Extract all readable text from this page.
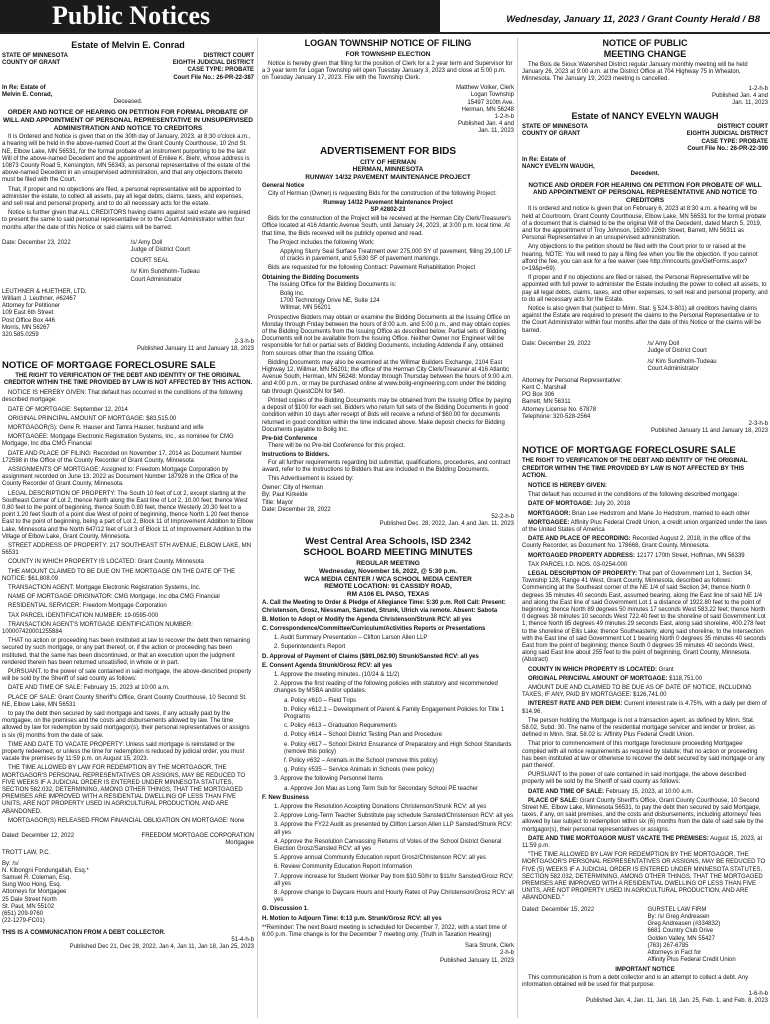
Public Notices	Wednesday, January 11, 2023 / Grant County Herald / B8
Estate of Melvin E. Conrad
STATE OF MINNESOTA
COUNTY OF GRANT
DISTRICT COURT
EIGHTH JUDICIAL DISTRICT
CASE TYPE: PROBATE
Court File No.: 26-PR-22-387
In Re: Estate of
Melvin E. Conrad,
Deceased.
ORDER AND NOTICE OF HEARING ON PETITION FOR FORMAL PROBATE OF WILL AND APPOINTMENT OF PERSONAL REPRESENTATIVE IN UNSUPERVISED ADMINISTRATION AND NOTICE TO CREDITORS

It is Ordered and Notice is given that on the 30th day of January, 2023, at 8:30 o'clock a.m., a hearing will be held in the above-named Court at the Grant County Courthouse, 10 2nd St. NE, Elbow Lake, MN 56531, for the formal probate of an instrument purporting to be the last Will of the above-named Decedent and the appointment of Emilee K. Biehr, whose address is 10873 County Road 5, Kensington, MN 56343, as personal representative of the estate of the above-named Decedent in an unsupervised administration, and that any objections thereto must be filed with the Court.

That, if proper and no objections are filed, a personal representative will be appointed to administer the estate, to collect all assets, pay all legal debts, claims, taxes, and expenses, and sell real and personal property, and to do all necessary acts for the estate.

Notice is further given that ALL CREDITORS having claims against said estate are required to present the same to said personal representative or to the Court Administrator within four months after the date of this Notice or said claims will be barred.

Date: December 23, 2022	/s/ Amy Doll
Judge of District Court
COURT SEAL
/s/ Kim Sundholm-Tudeau
Court Administrator
LEUTHNER & HUETHER, LTD.
William J. Leuthner, #62467
Attorney for Petitioner
109 East 6th Street
Post Office Box 446
Morris, MN 56267
320.585.0259
2-3-h-b
Published January 11 and January 18, 2023
NOTICE OF MORTGAGE FORECLOSURE SALE
THE RIGHT TO VERIFICATION OF THE DEBT AND IDENTITY OF THE ORIGINAL CREDITOR WITHIN THE TIME PROVIDED BY LAW IS NOT AFFECTED BY THIS ACTION.

NOTICE IS HEREBY GIVEN: That default has occurred in the conditions of the following described mortgage:

DATE OF MORTGAGE: September 12, 2014

ORIGINAL PRINCIPAL AMOUNT OF MORTGAGE: $83,515.00

MORTGAGOR(S): Gene R. Hauser and Tamra Hauser, husband and wife

MORTGAGEE: Mortgage Electronic Registration Systems, Inc., as nominee for CMG Mortgage, Inc dba CMG Financial

DATE AND PLACE OF FILING: Recorded on November 17, 2014 as Document Number 172598 in the Office of the County Recorder of Grant County, Minnesota

ASSIGNMENTS OF MORTGAGE: Assigned to: Freedom Mortgage Corporation by assignment recorded on June 13, 2022 as Document Number 187926 in the Office of the County Recorder of Grant County, Minnesota.

LEGAL DESCRIPTION OF PROPERTY: The South 10 feet of Lot 2, except starting at the Southeast Corner of Lot 2, thence North along the East line of Lot 2, 10.00 feet; thence West 0.80 feet to the point of beginning, thence South 0.80 feet, thence Westerly 20.30 feet to a point 1.20 feet South of a point due West of point of beginning, thence North 1.20 feet thence East to the point of beginning, being a part of Lot 2, Block 11 of Improvement Addition to Elbow Lake, Minnesota and the North 647/12 feet of Lot 3 of Block 11 of Improvement Addition to the Village of Elbow Lake, Grant County, Minnesota.

STREET ADDRESS OF PROPERTY: 217 SOUTHEAST 5TH AVENUE, ELBOW LAKE, MN 56531

COUNTY IN WHICH PROPERTY IS LOCATED: Grant County, Minnesota

THE AMOUNT CLAIMED TO BE DUE ON THE MORTGAGE ON THE DATE OF THE NOTICE: $61,808.09

TRANSACTION AGENT: Mortgage Electronic Registration Systems, Inc.

NAME OF MORTGAGE ORIGINATOR: CMG Mortgage, Inc dba CMG Financial

RESIDENTIAL SERVICER: Freedom Mortgage Corporation

TAX PARCEL IDENTIFICATION NUMBER: 19-0595-000

TRANSACTION AGENT'S MORTGAGE IDENTIFICATION NUMBER: 100007420001255884

THAT no action or proceeding has been instituted at law to recover the debt then remaining secured by such mortgage, or any part thereof, or, if the action or proceeding has been instituted, that the same has been discontinued, or that an execution upon the judgment rendered therein has been returned unsatisfied, in whole or in part.

PURSUANT, to the power of sale contained in said mortgage, the above-described property will be sold by the Sheriff of said county as follows:

DATE AND TIME OF SALE: February 15, 2023 at 10:00 a.m.

PLACE OF SALE: Grant County Sheriff's Office, Grant County Courthouse, 10 Second St. NE, Elbow Lake, MN 56531

to pay the debt then secured by said mortgage and taxes, if any actually paid by the mortgagee, on the premises and the costs and disbursements allowed by law. The time allowed by law for redemption by said mortgagor(s), their personal representatives or assigns is six (6) months from the date of sale.

TIME AND DATE TO VACATE PROPERTY: Unless said mortgage is reinstated or the property redeemed, or unless the time for redemption is reduced by judicial order, you must vacate the premises by 11:59 p.m. on August 15, 2023.

THE TIME ALLOWED BY LAW FOR REDEMPTION BY THE MORTGAGOR, THE MORTGAGOR'S PERSONAL REPRESENTATIVES OR ASSIGNS, MAY BE REDUCED TO FIVE WEEKS IF A JUDICIAL ORDER IS ENTERED UNDER MINNESOTA STATUTES, SECTION 582.032, DETERMINING, AMONG OTHER THINGS, THAT THE MORTGAGED PREMISES ARE IMPROVED WITH A RESIDENTIAL DWELLING OF LESS THAN FIVE UNITS, ARE NOT PROPERTY USED IN AGRICULTURAL PRODUCTION, AND ARE ABANDONED.

MORTGAGOR(S) RELEASED FROM FINANCIAL OBLIGATION ON MORTGAGE: None

Dated: December 12, 2022	FREEDOM MORTGAGE CORPORATION
Mortgagee
TROTT LAW, P.C.
By: /s/
N. Kibongni Fondungallah, Esq.*
Samuel R. Coleman, Esq.
Sung Woo Hong, Esq.
Attorneys for Mortgagee
25 Dale Street North
St. Paul, MN 55102
(651) 209-9760
(22-1279-FC01)
THIS IS A COMMUNICATION FROM A DEBT COLLECTOR.
51-4-h-b
Published Dec 21, Dec 28, 2022, Jan 4, Jan 11, Jan 18, Jan 25, 2023
LOGAN TOWNSHIP NOTICE OF FILING
FOR TOWNSHIP ELECTION

Notice is hereby given that filing for the position of Clerk for a 2 year term and Supervisor for a 3 year term for Logan Township will open Tuesday January 3, 2023 and close at 5:00 p.m. on Tuesday January 17, 2023. File with the Township Clerk.

Matthew Volker, Clerk
Logan Township
15497 310th Ave.
Herman, MN 56248
1-2-h-b
Published Jan. 4 and
Jan. 11, 2023
ADVERTISEMENT FOR BIDS
CITY OF HERMAN
HERMAN, MINNESOTA
RUNWAY 14/32 PAVEMENT MAINTENANCE PROJECT
General Notice

City of Herman (Owner) is requesting Bids for the construction of the following Project:

Runway 14/32 Pavement Maintenance Project
SP #2802-23

Bids for the construction of the Project will be received at the Herman City Clerk/Treasurer's Office located at 416 Atlantic Avenue South, until January 24, 2023, at 3:00 p.m. local time. At that time, the Bids received will be publicly opened and read.

The Project includes the following Work:

Applying Slurry Seal Surface Treatment over 275,000 SY of pavement, filling 29,100 LF of cracks in pavement, and 5,630 SF of pavement markings.

Bids are requested for the following Contract: Pavement Rehabilitation Project

Obtaining the Bidding Documents

The Issuing Office for the Bidding Documents is:

Bolig Inc.
1700 Technology Drive NE, Suite 124
Willmar, MN 56201

Prospective Bidders may obtain or examine the Bidding Documents at the Issuing Office on Monday through Friday between the hours of 8:00 a.m. and 5:00 p.m., and may obtain copies of the Bidding Documents from the Issuing Office as described below. Partial sets of Bidding Documents will not be available from the Issuing Office. Neither Owner nor Engineer will be responsible for full or partial sets of Bidding Documents, including Addenda if any, obtained from sources other than the Issuing Office.

Bidding Documents may also be examined at the Willmar Builders Exchange, 2104 East Highway 12, Willmar, MN 56201; the office of the Herman City Clerk/Treasurer at 416 Atlantic Avenue South, Herman, MN 56248; Monday through Thursday between the hours of 9:00 a.m. and 4:00 p.m., or may be purchased online at www.bolig-engineering.com under the bidding tab through QuestCDN for $40.

Printed copies of the Bidding Documents may be obtained from the Issuing Office by paying a deposit of $100 for each set. Bidders who return full sets of the Bidding Documents in good condition within 10 days after receipt of Bids will receive a refund of $60.00 for documents returned in good condition within the time indicated above. Make deposit checks for Bidding Documents payable to Bolig Inc.

Pre-bid Conference

There will be no Pre-bid Conference for this project.

Instructions to Bidders.

For all further requirements regarding bid submittal, qualifications, procedures, and contract award, refer to the Instructions to Bidders that are included in the Bidding Documents.

This Advertisement is issued by:

Owner: City of Herman
By: Paul Kirkeide
Title: Mayor
Date: December 28, 2022
52-2-h-b
Published Dec. 28, 2022, Jan. 4 and Jan. 11, 2023
West Central Area Schools, ISD 2342
SCHOOL BOARD MEETING MINUTES
REGULAR MEETING
Wednesday, November 16, 2022, @ 5:30 p.m.
WCA MEDIA CENTER / WCA SCHOOL MEDIA CENTER
REMOTE LOCATION: 91 CASSIDY ROAD,
RM A106 EL PASO, TEXAS

A. Call the Meeting to Order & Pledge of Allegiance Time: 5:30 p.m. Roll Call: Present: Christenson, Grosz, Niessman, Sansted, Strunk, Ulrich via remote. Absent: Sabota

B. Motion to Adopt or Modify the Agenda Christenson/Strunk RCV: all yes

C. Correspondence/Committee/Curriculum/Activities Reports or Presentations

1. Audit Summary Presentation – Clifton Larson Allen LLP

2. Superintendent's Report

D. Approval of Payment of Claims ($891,062.90) Strunk/Sansted RCV: all yes

E. Consent Agenda Strunk/Grosz RCV: all yes

1. Approve the meeting minutes. (10/24 & 11/2)

2. Approve the first reading of the following policies with statutory and recommended changes by MSBA and/or updates.

a. Policy #610 – Field Trips

b. Policy #612.1 – Development of Parent & Family Engagement Policies for Title 1 Programs

c. Policy #613 – Graduation Requirements

d. Policy #614 – School District Testing Plan and Procedure

e. Policy #617 – School District Ensurance of Preparatory and High School Standards (remove this policy)

f. Policy #632 – Animals in the School (remove this policy)

g. Policy #535 – Service Animals in Schools (new policy)

3. Approve the following Personnel Items

a. Approve Jon Mau as Long Term Sub for Secondary School PE teacher

F. New Business

1. Approve the Resolution Accepting Donations Christenson/Strunk RCV: all yes

2. Approve Long-Term Teacher Substitute pay schedule Sansted/Christenson RCV: all yes

3. Approve the FY22 Audit as presented by Clifton Larson Allen LLP Sansted/Strunk RCV: all yes

4. Approve the Resolution Canvassing Returns of Votes of the School District General Election Grosz/Sansted RCV: all yes

5. Approve annual Community Education report Grosz/Christenson RCV: all yes

6. Review Community Education Report Information

7. Approve increase for Student Worker Pay from $10.50/hr to $11/hr Sansted/Grosz RCV: all yes

8. Approve change to Daycare Hours and Hourly Rates of Pay Christenson/Grosz RCV: all yes

G. Discussion 1.

H. Motion to Adjourn Time: 6:13 p.m. Strunk/Grosz RCV: all yes

**Reminder: The next Board meeting is scheduled for December 7, 2022, with a start time of 6:00 p.m. Time change is for the December 7 meeting only. (Truth in Taxation Hearing)

Sara Strunk, Clerk
2-h-b
Published January 11, 2023
NOTICE OF PUBLIC
MEETING CHANGE

The Bois de Sioux Watershed District regular January monthly meeting will be held January 26, 2023 at 9:00 a.m. at the District Office at 704 Highway 75 in Wheaton, Minnesota. The January 19, 2023 meeting is cancelled.

1-2-h-b
Published Jan. 4 and
Jan. 11, 2023
Estate of NANCY EVELYN WAUGH
STATE OF MINNESOTA
COUNTY OF GRANT
DISTRICT COURT
EIGHTH JUDICIAL DISTRICT
CASE TYPE: PROBATE
Court File No.: 26-PR-22-390
In Re: Estate of
NANCY EVELYN WAUGH,
Decedent.
NOTICE AND ORDER FOR HEARING ON PETITION FOR PROBATE OF WILL AND APPOINTMENT OF PERSONAL REPRESENTATIVE AND NOTICE TO CREDITORS

It is ordered and notice is given that on February 6, 2023 at 8:30 a.m. a hearing will be held at Courtroom, Grant County Courthouse, Elbow Lake, MN 56531 for the formal probate of a document that is claimed to be the original Will of the Decedent, dated March 5, 2019, and for the appointment of Troy Johnson, 16300 226th Street, Barrett, MN 56311 as Personal Representative in an unsupervised administration.

Any objections to the petition should be filed with the Court prior to or raised at the hearing. NOTE: You will need to pay a filing fee when you file the objection. If you cannot afford the fee, you can ask for a fee waiver (see http://mncourts.gov/GetForms.aspx?c=19&p=69).

If proper and if no objections are filed or raised, the Personal Representative will be appointed with full power to administer the Estate including the power to collect all assets, to pay all legal debts, claims, taxes, and other expenses, to sell real and personal property, and to do all necessary acts for the Estate.

Notice is also given that (subject to Minn. Stat. § 524.3-801) all creditors having claims against the Estate are required to present the claims to the Personal Representative or to the Court Administrator within four months after the date of this Notice or the claims will be barred.

Date: December 29, 2022	/s/ Amy Doll
Judge of District Court
/s/ Kim Sundholm-Tudeau
Court Administrator
Attorney for Personal Representative:
Kent C. Marshall
PO Box 306
Barrett, MN 56311
Attorney License No. 67878
Telephone: 320-528-2564
2-3-h-b
Published January 11 and January 18, 2023
NOTICE OF MORTGAGE FORECLOSURE SALE
THE RIGHT TO VERIFICATION OF THE DEBT AND IDENTITY OF THE ORIGINAL CREDITOR WITHIN THE TIME PROVIDED BY LAW IS NOT AFFECTED BY THIS ACTION.

NOTICE IS HEREBY GIVEN:

That default has occurred in the conditions of the following described mortgage:

DATE OF MORTGAGE: July 20, 2018

MORTGAGOR: Brian Lee Hedstrom and Marie Jo Hedstrom, married to each other

MORTGAGEE: Affinity Plus Federal Credit Union, a credit union organized under the laws of the United States of America

DATE AND PLACE OF RECORDING: Recorded August 2, 2018, in the office of the County Recorder, as Document No. 178668, Grant County, Minnesota.

MORTGAGED PROPERTY ADDRESS: 12177 170th Street, Hoffman, MN 56339

TAX PARCEL I.D. NOS. 03-0254-000

LEGAL DESCRIPTION OF PROPERTY: That part of Government Lot 1, Section 34, Township 128, Range 41 West, Grant County, Minnesota, described as follows: Commencing at the Southeast corner of the NE 1/4 of said Section 34; thence North 0 degrees 35 minutes 40 seconds East, assumed bearing, along the East line of said NE 1/4 and along the East line of said Government Lot 1 a distance of 1922.80 feet to the point of beginning; thence North 89 degrees 50 minutes 17 seconds West 583.22 feet; thence North 0 degrees 38 minutes 10 seconds West 722.40 feet to the shoreline of said Government Lot 1; thence North 85 degrees 49 minutes 29 seconds East, along said shoreline, 400.278 feet to the shoreline of Ellis Lake; thence Southeasterly, along said shoreline, to the intersection with the East line of said Government Lot 1 bearing North 0 degrees 35 minutes 40 seconds East from the point of beginning; thence South 0 degrees 35 minutes 40 seconds West, along said East line about 255 feet to the point of beginning, Grant County, Minnesota. (Abstract)

COUNTY IN WHICH PROPERTY IS LOCATED: Grant

ORIGINAL PRINCIPAL AMOUNT OF MORTGAGE: $118,751.00

AMOUNT DUE AND CLAIMED TO BE DUE AS OF DATE OF NOTICE, INCLUDING TAXES, IF ANY, PAID BY MORTGAGEE: $126,741.00

INTEREST RATE AND PER DIEM: Current interest rate is 4.75%, with a daily per diem of $14.96.

The person holding the Mortgage is not a transaction agent, as defined by Minn. Stat. 58.02, Subd. 30. The name of the residential mortgage servicer and lender or broker, as defined in Minn. Stat. 58.02 is: Affinity Plus Federal Credit Union.

That prior to commencement of this mortgage foreclosure proceeding Mortgagee complied with all notice requirements as required by statute; that no action or proceeding has been instituted at law or otherwise to recover the debt secured by said mortgage or any part thereof.

PURSUANT to the power of sale contained in said mortgage, the above described property will be sold by the Sheriff of said county as follows:

DATE AND TIME OF SALE: February 15, 2023, at 10:00 a.m.

PLACE OF SALE: Grant County Sheriff's Office, Grant County Courthouse, 10 Second Street NE, Elbow Lake, Minnesota 56531, to pay the debt then secured by said Mortgage, taxes, if any, on said premises, and the costs and disbursements, including attorneys' fees allowed by law subject to redemption within six (6) months from the date of said sale by the mortgagor(s), their personal representatives or assigns.

DATE AND TIME MORTGAGOR MUST VACATE THE PREMISES: August 15, 2023, at 11:59 p.m.

"THE TIME ALLOWED BY LAW FOR REDEMPTION BY THE MORTGAGOR, THE MORTGAGOR'S PERSONAL REPRESENTATIVES OR ASSIGNS, MAY BE REDUCED TO FIVE (5) WEEKS IF A JUDICIAL ORDER IS ENTERED UNDER MINNESOTA STATUTES, SECTION 582.032, DETERMINING, AMONG OTHER THINGS, THAT THE MORTGAGED PREMISES ARE IMPROVED WITH A RESIDENTIAL DWELLING OF LESS THAN FIVE UNITS, ARE NOT PROPERTY USED IN AGRICULTURAL PRODUCTION, AND ARE ABANDONED."

Dated: December 15, 2022	GURSTEL LAW FIRM
By: /s/ Greg Andreasen
Greg Andreasen (#334832)
6681 Country Club Drive
Golden Valley, MN 55427
(763) 267-6785
Attorneys in Fact for
Affinity Plus Federal Credit Union
IMPORTANT NOTICE

This communication is from a debt collector and is an attempt to collect a debt. Any information obtained will be used for that purpose.

1-6-h-b
Published Jan. 4, Jan. 11, Jan. 18, Jan. 25, Feb. 1, and Feb. 8, 2023
